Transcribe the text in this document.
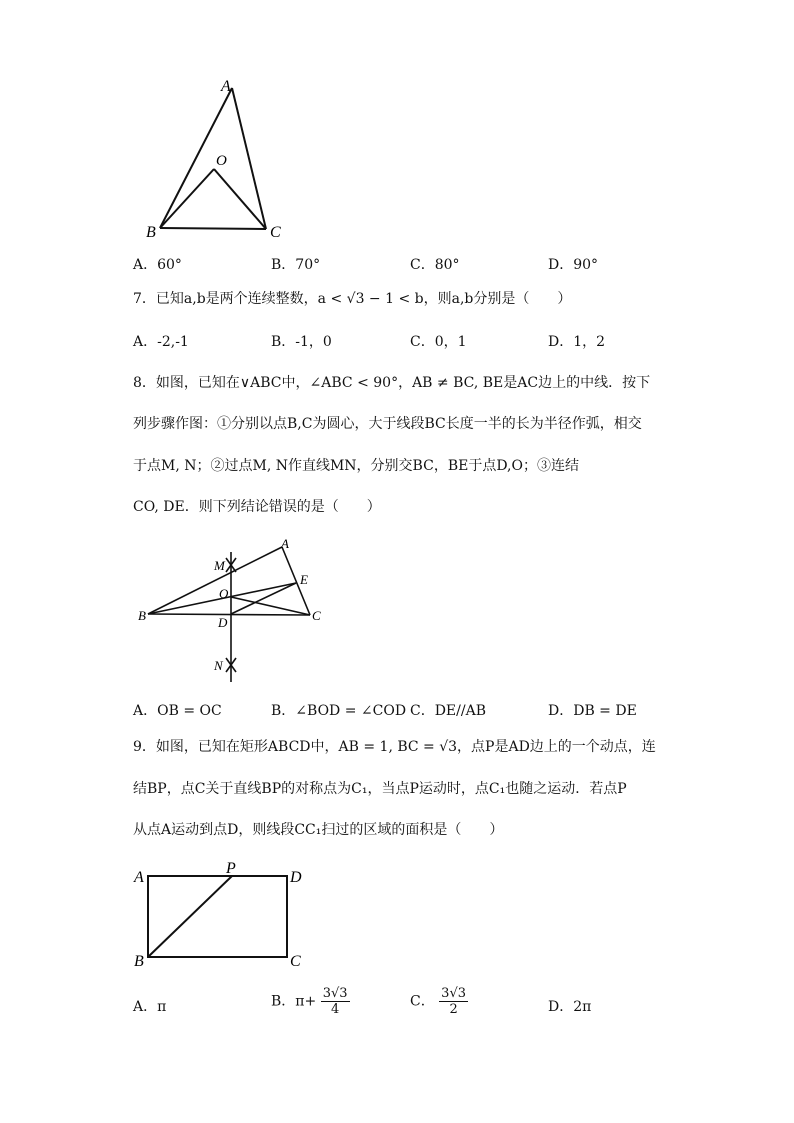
A
O
B	C
A．60°	B．70°	C．80°	D．90°
7．已知a,b是两个连续整数，a < √3 − 1 < b，则a,b分别是（　　）
A．-2,-1	B．-1，0	C．0，1	D．1，2
8．如图，已知在∨ABC中，∠ABC < 90°，AB ≠ BC, BE是AC边上的中线．按下
列步骤作图：①分别以点B,C为圆心，大于线段BC长度一半的长为半径作弧，相交
于点M, N；②过点M, N作直线MN，分别交BC，BE于点D,O；③连结
CO, DE．则下列结论错误的是（　　）
A
M
E
O
B	D	C
N
A．OB = OC	B．∠BOD = ∠COD C．DE//AB	D．DB = DE
9．如图，已知在矩形ABCD中，AB = 1, BC = √3，点P是AD边上的一个动点，连
结BP，点C关于直线BP的对称点为C₁，当点P运动时，点C₁也随之运动．若点P
从点A运动到点D，则线段CC₁扫过的区域的面积是（　　）
A
P
D
B	C
A．π	B．$\pi+ \frac{3√3}{4}$	C． $\frac{3√3}{2}$	D．2π
